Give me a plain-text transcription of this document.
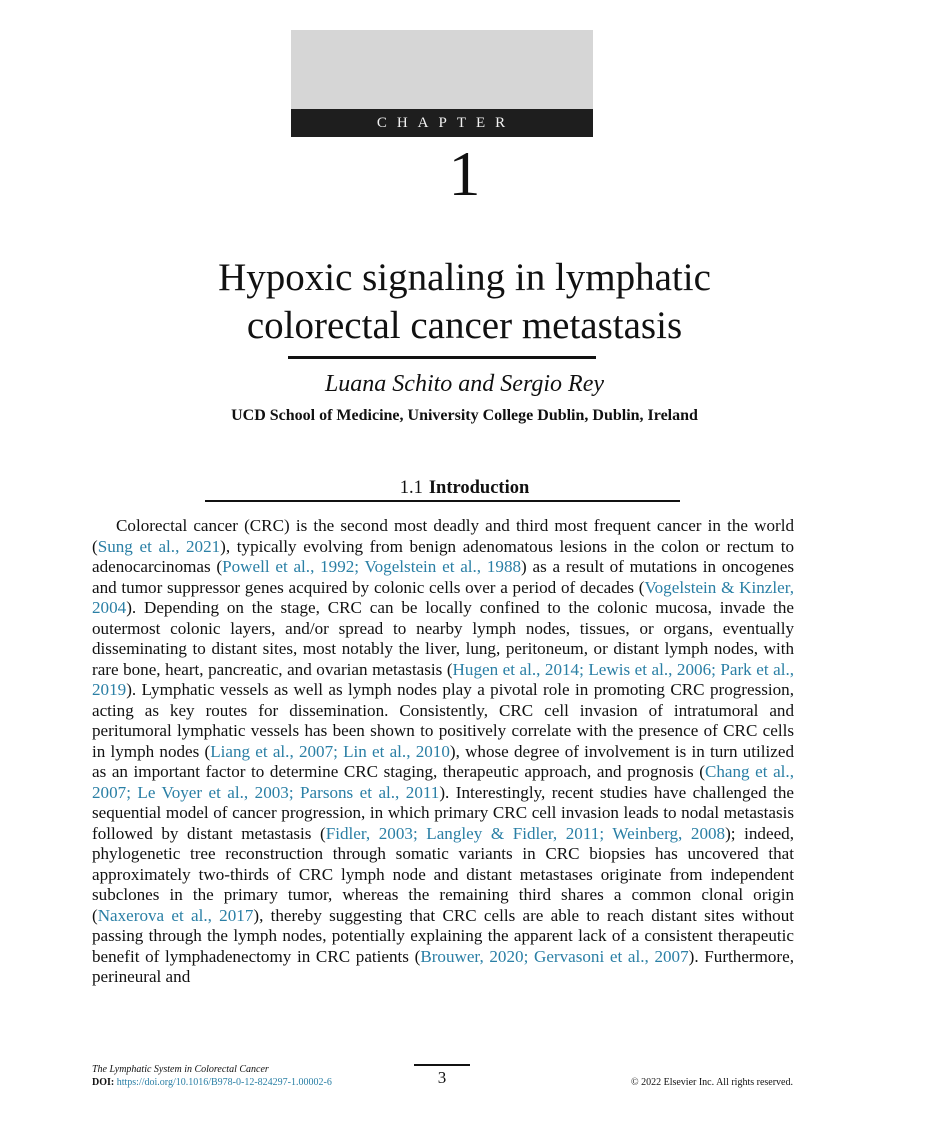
CHAPTER
1
Hypoxic signaling in lymphatic
colorectal cancer metastasis
Luana Schito and Sergio Rey
UCD School of Medicine, University College Dublin, Dublin, Ireland
1.1 Introduction

Colorectal cancer (CRC) is the second most deadly and third most frequent cancer in the world (Sung et al., 2021), typically evolving from benign adenomatous lesions in the colon or rectum to adenocarcinomas (Powell et al., 1992; Vogelstein et al., 1988) as a result of mutations in oncogenes and tumor suppressor genes acquired by colonic cells over a period of decades (Vogelstein & Kinzler, 2004). Depending on the stage, CRC can be locally confined to the colonic mucosa, invade the outermost colonic layers, and/or spread to nearby lymph nodes, tissues, or organs, eventually disseminating to distant sites, most notably the liver, lung, peritoneum, or distant lymph nodes, with rare bone, heart, pancreatic, and ovarian metastasis (Hugen et al., 2014; Lewis et al., 2006; Park et al., 2019). Lymphatic vessels as well as lymph nodes play a pivotal role in promoting CRC progression, acting as key routes for dissemination. Consistently, CRC cell invasion of intratumoral and peritumoral lymphatic vessels has been shown to positively correlate with the presence of CRC cells in lymph nodes (Liang et al., 2007; Lin et al., 2010), whose degree of involvement is in turn utilized as an important factor to determine CRC staging, therapeutic approach, and prognosis (Chang et al., 2007; Le Voyer et al., 2003; Parsons et al., 2011). Interestingly, recent studies have challenged the sequential model of cancer progression, in which primary CRC cell invasion leads to nodal metastasis followed by distant metastasis (Fidler, 2003; Langley & Fidler, 2011; Weinberg, 2008); indeed, phylogenetic tree reconstruction through somatic variants in CRC biopsies has uncovered that approximately two-thirds of CRC lymph node and distant metastases originate from independent subclones in the primary tumor, whereas the remaining third shares a common clonal origin (Naxerova et al., 2017), thereby suggesting that CRC cells are able to reach distant sites without passing through the lymph nodes, potentially explaining the apparent lack of a consistent therapeutic benefit of lymphadenectomy in CRC patients (Brouwer, 2020; Gervasoni et al., 2007). Furthermore, perineural and

The Lymphatic System in Colorectal Cancer
DOI: https://doi.org/10.1016/B978-0-12-824297-1.00002-6	3	© 2022 Elsevier Inc. All rights reserved.
